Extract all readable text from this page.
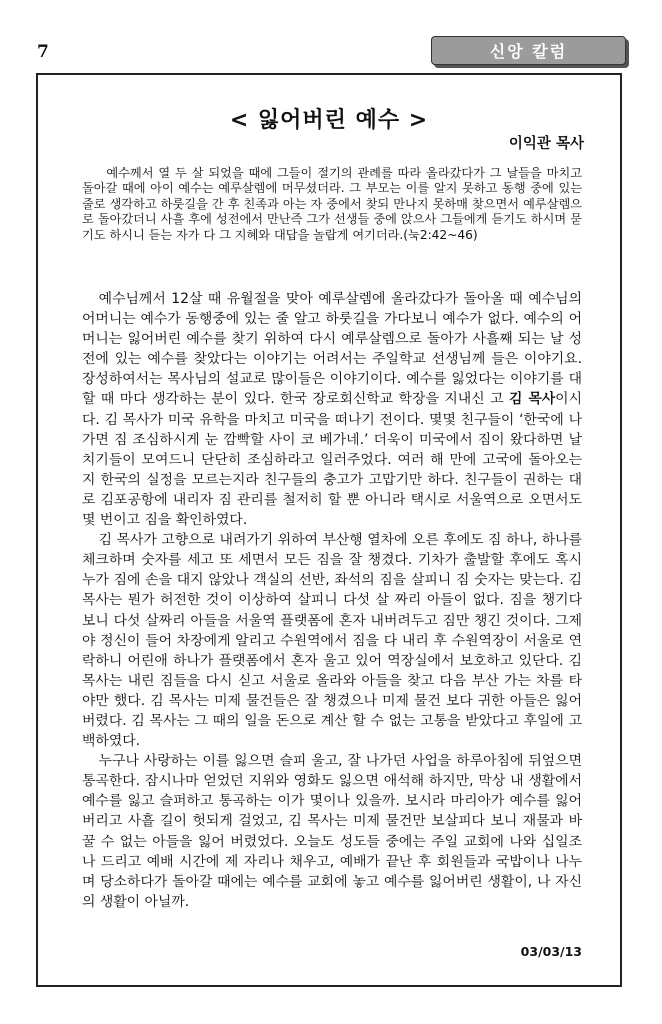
7	신앙 칼럼
< 잃어버린 예수 >
이익관 목사
예수께서 열 두 살 되었을 때에 그들이 절기의 관례를 따라 올라갔다가 그 날들을 마치고 돌아갈 때에 아이 예수는 예루살렘에 머무셨더라. 그 부모는 이를 알지 못하고 동행 중에 있는 줄로 생각하고 하룻길을 간 후 친족과 아는 자 중에서 찾되 만나지 못하매 찾으면서 예루살렘으로 돌아갔더니 사흘 후에 성전에서 만난즉 그가 선생들 중에 앉으사 그들에게 듣기도 하시며 묻기도 하시니 듣는 자가 다 그 지혜와 대답을 놀랍게 여기더라.(눅2:42~46)

예수님께서 12살 때 유월절을 맞아 예루살렘에 올라갔다가 돌아올 때 예수님의 어머니는 예수가 동행중에 있는 줄 알고 하룻길을 가다보니 예수가 없다. 예수의 어머니는 잃어버린 예수를 찾기 위하여 다시 예루살렘으로 돌아가 사흘째 되는 날 성전에 있는 예수를 찾았다는 이야기는 어려서는 주일학교 선생님께 들은 이야기요. 장성하여서는 목사님의 설교로 많이들은 이야기이다. 예수를 잃었다는 이야기를 대할 때 마다 생각하는 분이 있다. 한국 장로회신학교 학장을 지내신 고 김 목사이시다. 김 목사가 미국 유학을 마치고 미국을 떠나기 전이다. 몇몇 친구들이 ‘한국에 나가면 짐 조심하시게 눈 깜빡할 사이 코 베가네.’ 더욱이 미국에서 짐이 왔다하면 날치기들이 모여드니 단단히 조심하라고 일러주었다. 여러 해 만에 고국에 돌아오는지 한국의 실정을 모르는지라 친구들의 충고가 고맙기만 하다. 친구들이 권하는 대로 김포공항에 내리자 짐 관리를 철저히 할 뿐 아니라 택시로 서울역으로 오면서도 몇 번이고 짐을 확인하였다.

김 목사가 고향으로 내려가기 위하여 부산행 열차에 오른 후에도 짐 하나, 하나를 체크하며 숫자를 세고 또 세면서 모든 짐을 잘 챙겼다. 기차가 출발할 후에도 혹시 누가 짐에 손을 대지 않았나 객실의 선반, 좌석의 짐을 살피니 짐 숫자는 맞는다. 김 목사는 뭔가 허전한 것이 이상하여 살피니 다섯 살 짜리 아들이 없다. 짐을 챙기다 보니 다섯 살짜리 아들을 서울역 플랫폼에 혼자 내버려두고 짐만 챙긴 것이다. 그제야 정신이 들어 차장에게 알리고 수원역에서 짐을 다 내리 후 수원역장이 서울로 연락하니 어린애 하나가 플랫폼에서 혼자 울고 있어 역장실에서 보호하고 있단다. 김 목사는 내린 짐들을 다시 싣고 서울로 올라와 아들을 찾고 다음 부산 가는 차를 타야만 했다. 김 목사는 미제 물건들은 잘 챙겼으나 미제 물건 보다 귀한 아들은 잃어버렸다. 김 목사는 그 때의 일을 돈으로 계산 할 수 없는 고통을 받았다고 후일에 고백하였다.

누구나 사랑하는 이를 잃으면 슬피 울고, 잘 나가던 사업을 하루아침에 뒤엎으면 통곡한다. 잠시나마 얻었던 지위와 영화도 잃으면 애석해 하지만, 막상 내 생활에서 예수를 잃고 슬퍼하고 통곡하는 이가 몇이나 있을까. 보시라 마리아가 예수를 잃어버리고 사흘 길이 헛되게 걸었고, 김 목사는 미제 물건만 보살피다 보니 재물과 바꿀 수 없는 아들을 잃어 버렸었다. 오늘도 성도들 중에는 주일 교회에 나와 십일조나 드리고 예배 시간에 제 자리나 채우고, 예배가 끝난 후 회원들과 국밥이나 나누며 당소하다가 돌아갈 때에는 예수를 교회에 놓고 예수를 잃어버린 생활이, 나 자신의 생활이 아닐까.

03/03/13
